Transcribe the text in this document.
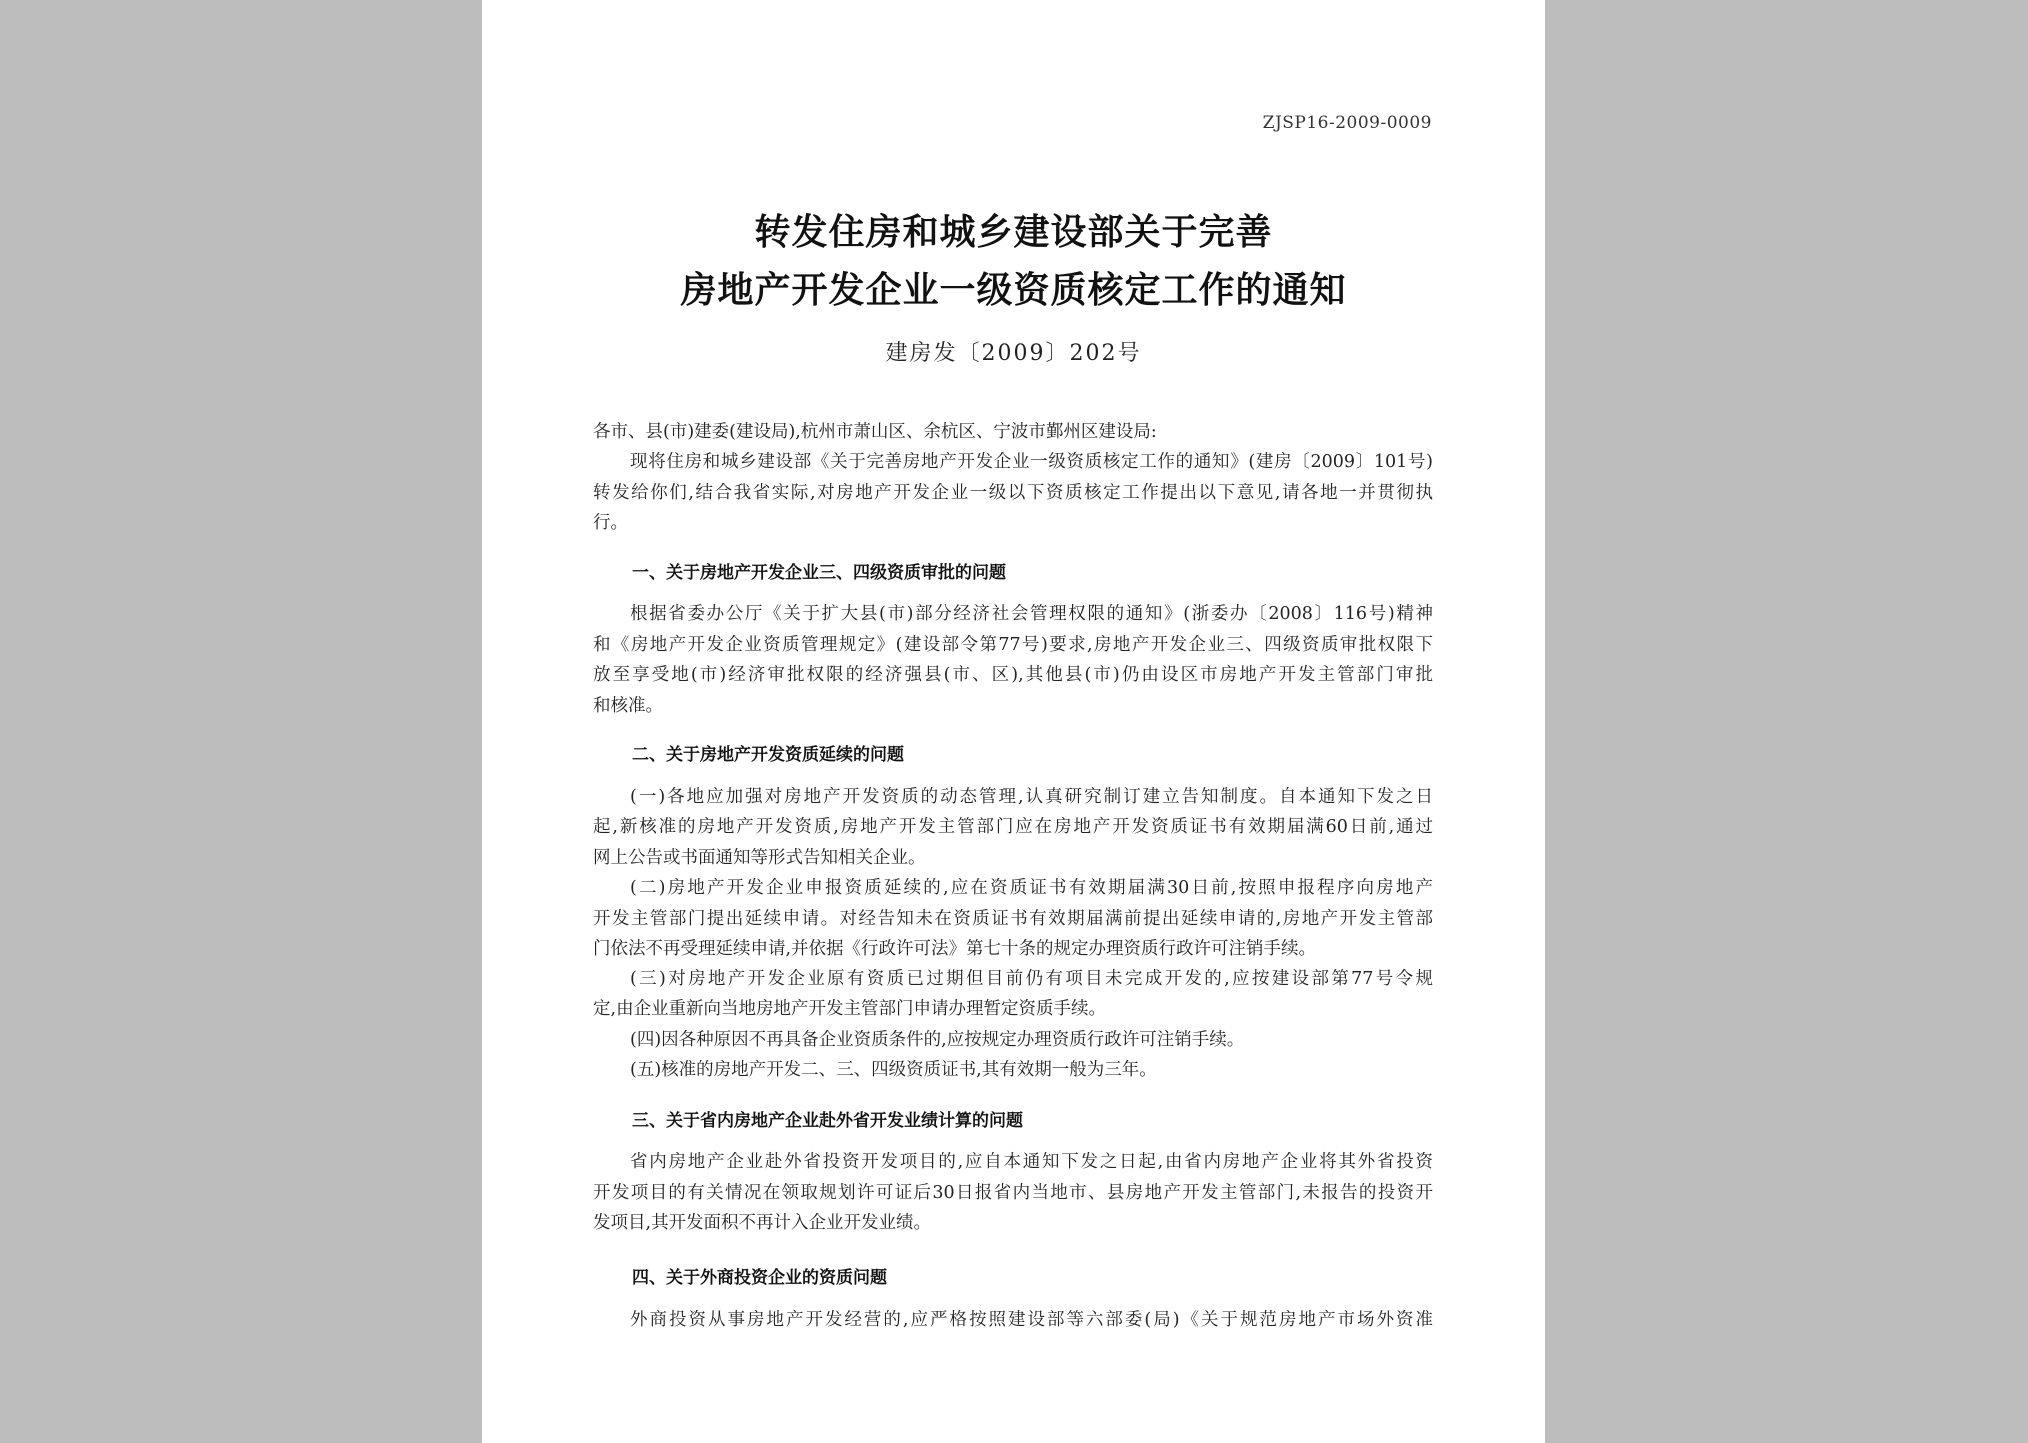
ZJSP16-2009-0009
转发住房和城乡建设部关于完善
房地产开发企业一级资质核定工作的通知
建房发〔2009〕202号
各市、县(市)建委(建设局),杭州市萧山区、余杭区、宁波市鄞州区建设局:
现将住房和城乡建设部《关于完善房地产开发企业一级资质核定工作的通知》(建房〔2009〕101号)
转发给你们,结合我省实际,对房地产开发企业一级以下资质核定工作提出以下意见,请各地一并贯彻执
行。
一、关于房地产开发企业三、四级资质审批的问题
根据省委办公厅《关于扩大县(市)部分经济社会管理权限的通知》(浙委办〔2008〕116号)精神
和《房地产开发企业资质管理规定》(建设部令第77号)要求,房地产开发企业三、四级资质审批权限下
放至享受地(市)经济审批权限的经济强县(市、区),其他县(市)仍由设区市房地产开发主管部门审批
和核准。
二、关于房地产开发资质延续的问题
(一)各地应加强对房地产开发资质的动态管理,认真研究制订建立告知制度。自本通知下发之日
起,新核准的房地产开发资质,房地产开发主管部门应在房地产开发资质证书有效期届满60日前,通过
网上公告或书面通知等形式告知相关企业。
(二)房地产开发企业申报资质延续的,应在资质证书有效期届满30日前,按照申报程序向房地产
开发主管部门提出延续申请。对经告知未在资质证书有效期届满前提出延续申请的,房地产开发主管部
门依法不再受理延续申请,并依据《行政许可法》第七十条的规定办理资质行政许可注销手续。
(三)对房地产开发企业原有资质已过期但目前仍有项目未完成开发的,应按建设部第77号令规
定,由企业重新向当地房地产开发主管部门申请办理暂定资质手续。
(四)因各种原因不再具备企业资质条件的,应按规定办理资质行政许可注销手续。
(五)核准的房地产开发二、三、四级资质证书,其有效期一般为三年。
三、关于省内房地产企业赴外省开发业绩计算的问题
省内房地产企业赴外省投资开发项目的,应自本通知下发之日起,由省内房地产企业将其外省投资
开发项目的有关情况在领取规划许可证后30日报省内当地市、县房地产开发主管部门,未报告的投资开
发项目,其开发面积不再计入企业开发业绩。
四、关于外商投资企业的资质问题
外商投资从事房地产开发经营的,应严格按照建设部等六部委(局)《关于规范房地产市场外资准
